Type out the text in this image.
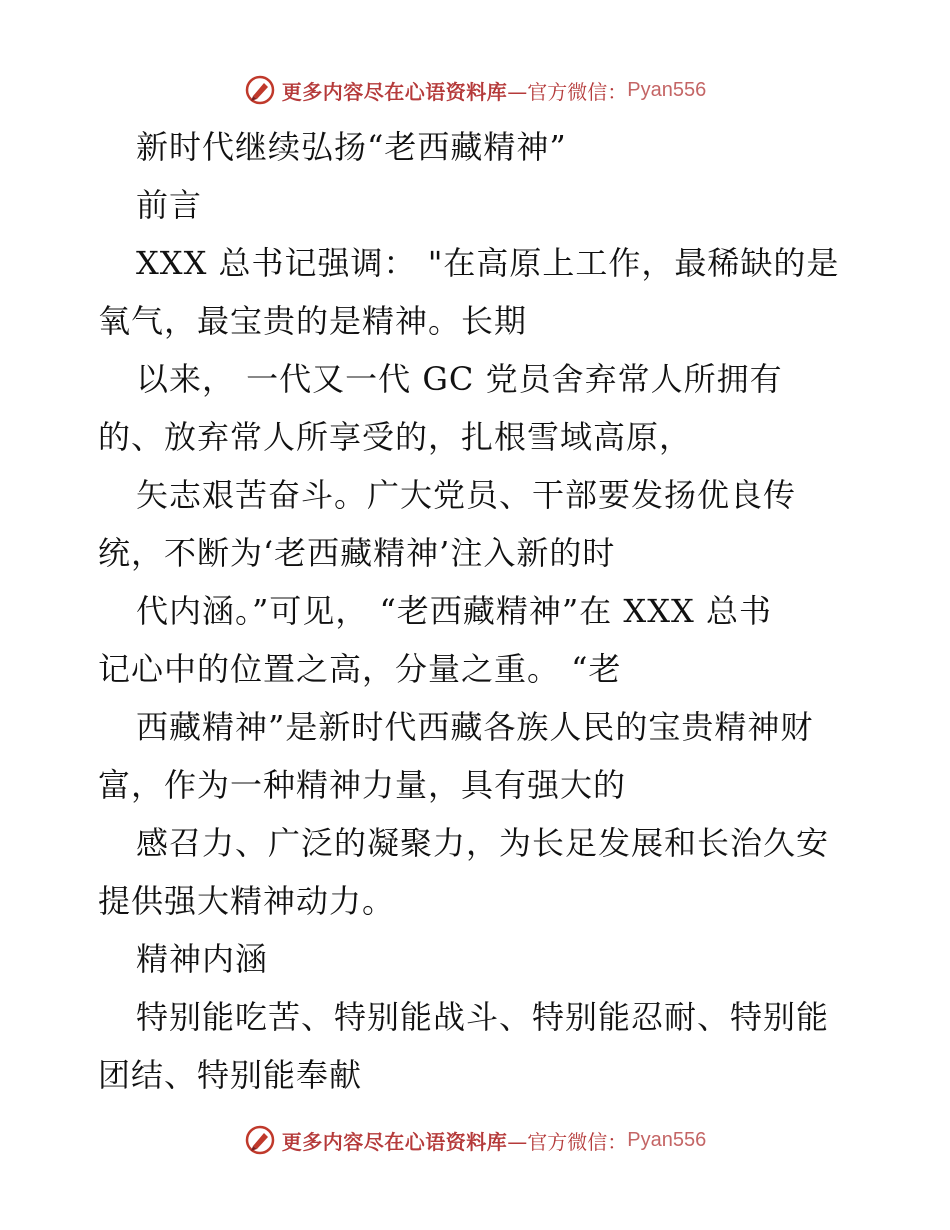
更多内容尽在心语资料库 —官方微信： Pyan556
新时代继续弘扬“老西藏精神”
前言
XXX 总书记强调： "在高原上工作，最稀缺的是
氧气，最宝贵的是精神。长期
以来， 一代又一代 GC 党员舍弃常人所拥有
的、放弃常人所享受的，扎根雪域高原，
矢志艰苦奋斗。广大党员、干部要发扬优良传
统，不断为‘老西藏精神’注入新的时
代内涵。”可见， “老西藏精神”在 XXX 总书
记心中的位置之高，分量之重。 “老
西藏精神”是新时代西藏各族人民的宝贵精神财
富，作为一种精神力量，具有强大的
感召力、广泛的凝聚力，为长足发展和长治久安
提供强大精神动力。
精神内涵
特别能吃苦、特别能战斗、特别能忍耐、特别能
团结、特别能奉献
更多内容尽在心语资料库 —官方微信： Pyan556
